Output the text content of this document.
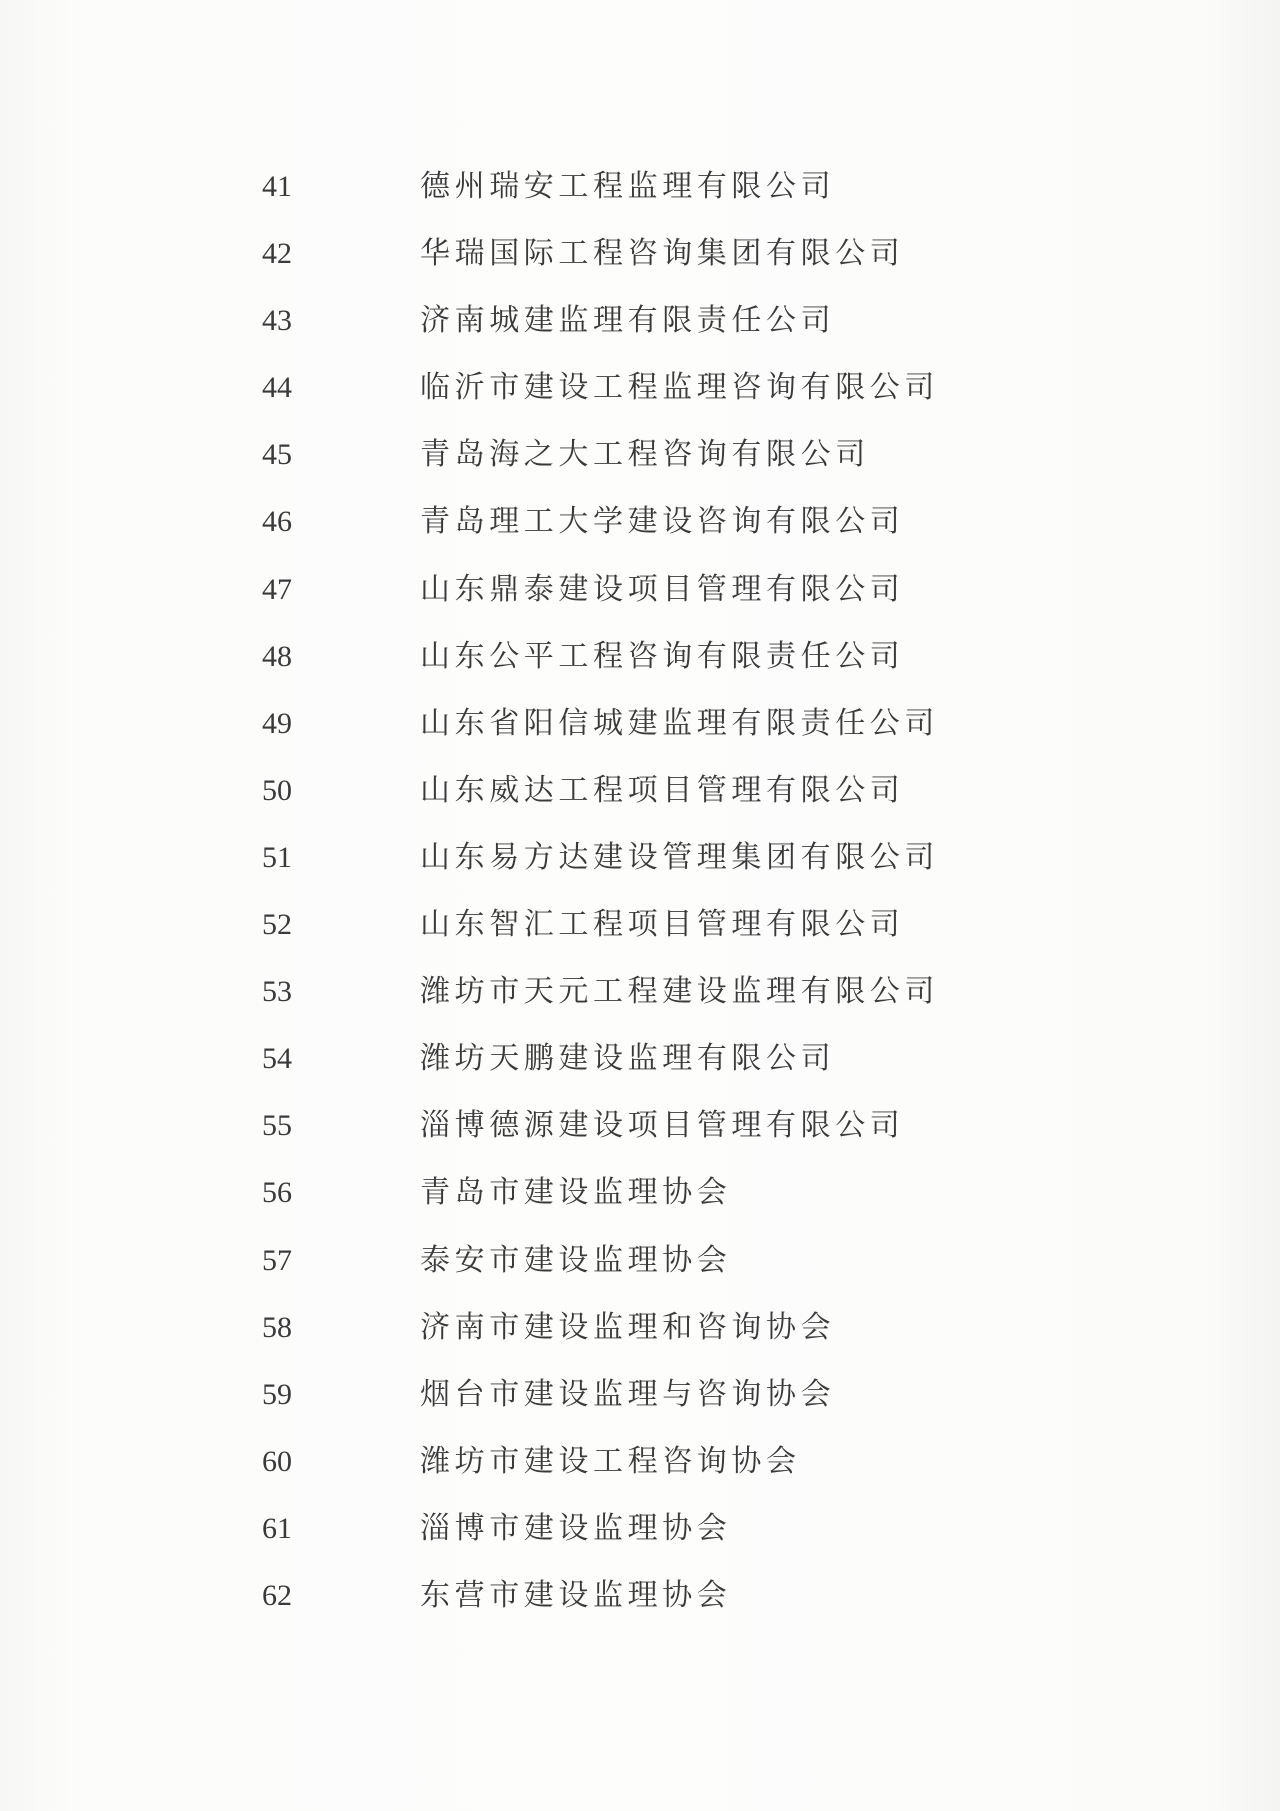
41	德州瑞安工程监理有限公司
42	华瑞国际工程咨询集团有限公司
43	济南城建监理有限责任公司
44	临沂市建设工程监理咨询有限公司
45	青岛海之大工程咨询有限公司
46	青岛理工大学建设咨询有限公司
47	山东鼎泰建设项目管理有限公司
48	山东公平工程咨询有限责任公司
49	山东省阳信城建监理有限责任公司
50	山东威达工程项目管理有限公司
51	山东易方达建设管理集团有限公司
52	山东智汇工程项目管理有限公司
53	潍坊市天元工程建设监理有限公司
54	潍坊天鹏建设监理有限公司
55	淄博德源建设项目管理有限公司
56	青岛市建设监理协会
57	泰安市建设监理协会
58	济南市建设监理和咨询协会
59	烟台市建设监理与咨询协会
60	潍坊市建设工程咨询协会
61	淄博市建设监理协会
62	东营市建设监理协会
